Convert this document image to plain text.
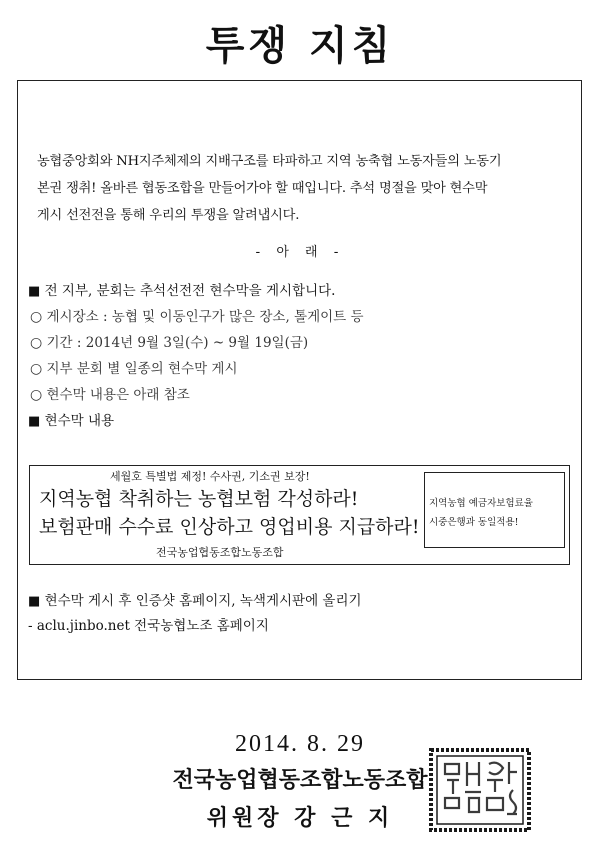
투쟁 지침

농협중앙회와 NH지주체제의 지배구조를 타파하고 지역 농축협 노동자들의 노동기

본권 쟁취! 올바른 협동조합을 만들어가야 할 때입니다. 추석 명절을 맞아 현수막

게시 선전전을 통해 우리의 투쟁을 알려냅시다.

- 아 래 -
■ 전 지부, 분회는 추석선전전 현수막을 게시합니다.
○ 게시장소 : 농협 및 이동인구가 많은 장소, 톨게이트 등
○ 기간 : 2014년 9월 3일(수) ~ 9월 19일(금)
○ 지부 분회 별 일종의 현수막 게시
○ 현수막 내용은 아래 참조
■ 현수막 내용
세월호 특별법 제정! 수사권, 기소권 보장!
지역농협 착취하는 농협보험 각성하라!
보험판매 수수료 인상하고 영업비용 지급하라!
전국농업협동조합노동조합
지역농협 예금자보험료율
시중은행과 동일적용!
■ 현수막 게시 후 인증샷 홈페이지, 녹색게시판에 올리기
- aclu.jinbo.net 전국농협노조 홈페이지
2014. 8. 29
전국농업협동조합노동조합
위원장 강 근 지
